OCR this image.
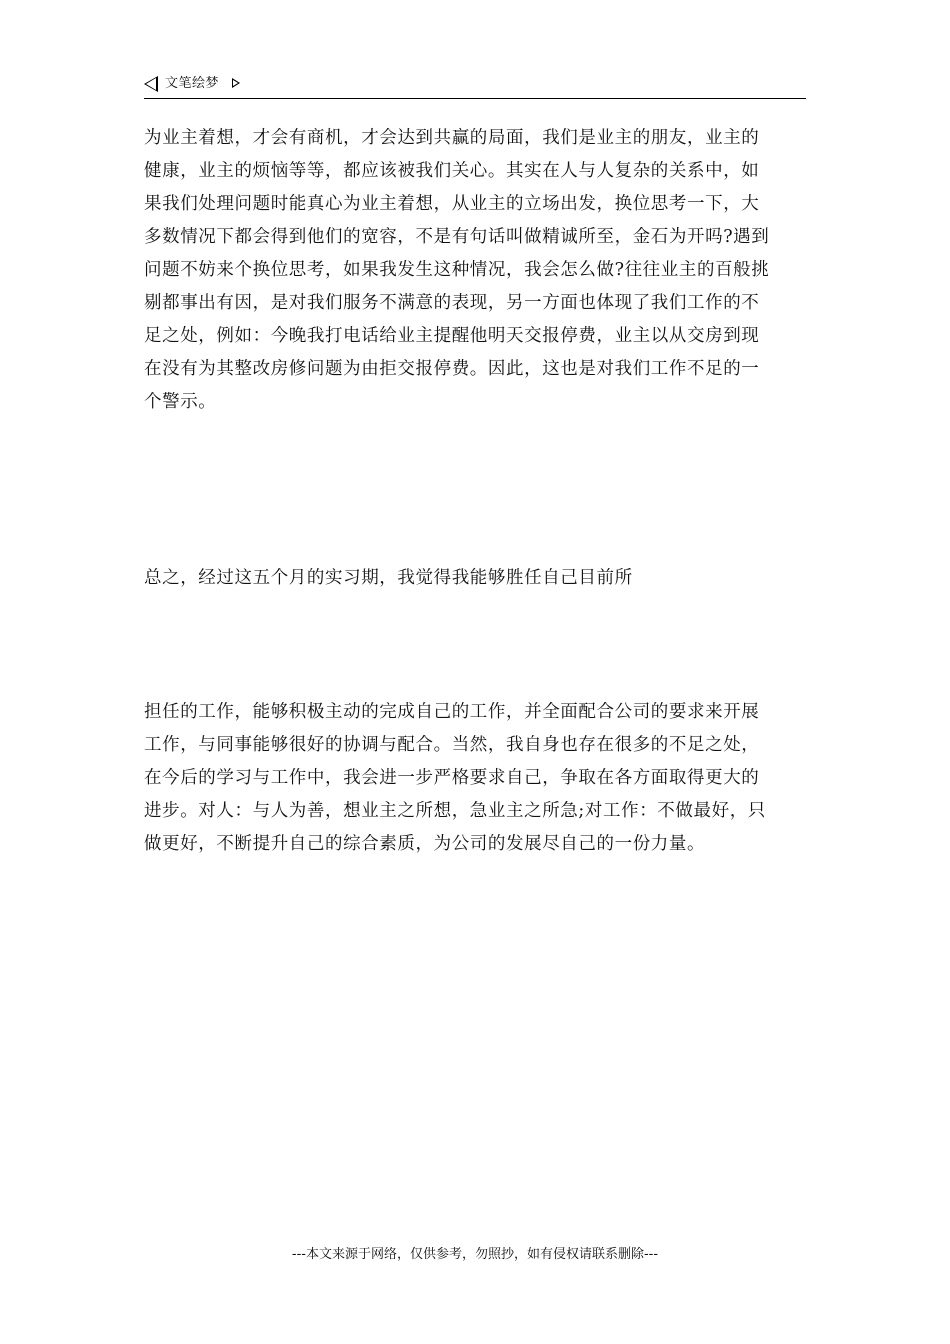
文笔绘梦

为业主着想，才会有商机，才会达到共赢的局面，我们是业主的朋友，业主的
健康，业主的烦恼等等，都应该被我们关心。其实在人与人复杂的关系中，如
果我们处理问题时能真心为业主着想，从业主的立场出发，换位思考一下，大
多数情况下都会得到他们的宽容，不是有句话叫做精诚所至，金石为开吗?遇到
问题不妨来个换位思考，如果我发生这种情况，我会怎么做?往往业主的百般挑
剔都事出有因，是对我们服务不满意的表现，另一方面也体现了我们工作的不
足之处，例如：今晚我打电话给业主提醒他明天交报停费，业主以从交房到现
在没有为其整改房修问题为由拒交报停费。因此，这也是对我们工作不足的一
个警示。

总之，经过这五个月的实习期，我觉得我能够胜任自己目前所

担任的工作，能够积极主动的完成自己的工作，并全面配合公司的要求来开展
工作，与同事能够很好的协调与配合。当然，我自身也存在很多的不足之处，
在今后的学习与工作中，我会进一步严格要求自己，争取在各方面取得更大的
进步。对人：与人为善，想业主之所想，急业主之所急;对工作：不做最好，只
做更好，不断提升自己的综合素质，为公司的发展尽自己的一份力量。

---本文来源于网络，仅供参考，勿照抄，如有侵权请联系删除---
